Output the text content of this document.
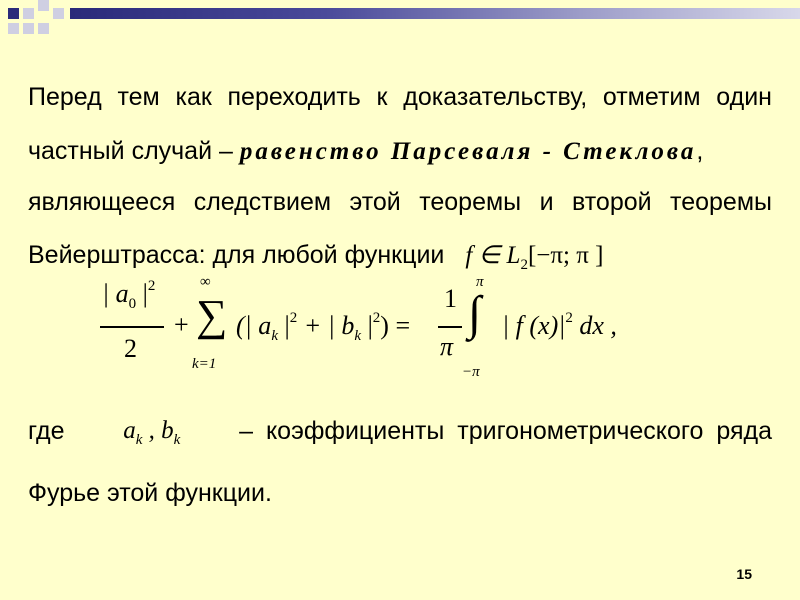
Перед тем как переходить к доказательству, отметим один
частный случай – равенство Парсеваля - Стеклова,
являющееся следствием этой теоремы и второй теоремы
Вейерштрасса: для любой функции f ∈ $L_2[-\pi$; π ]
| $a_0$ $|^2$
2
+
∞
∑
k=1
(| $a_k$ $|^2$ + | $b_k$ $|^2$) =
1
π
π
∫
−π
| f $(x)|^2$ dx ,
где $a_k$ , $b_k$ – коэффициенты тригонометрического ряда
Фурье этой функции.
15
